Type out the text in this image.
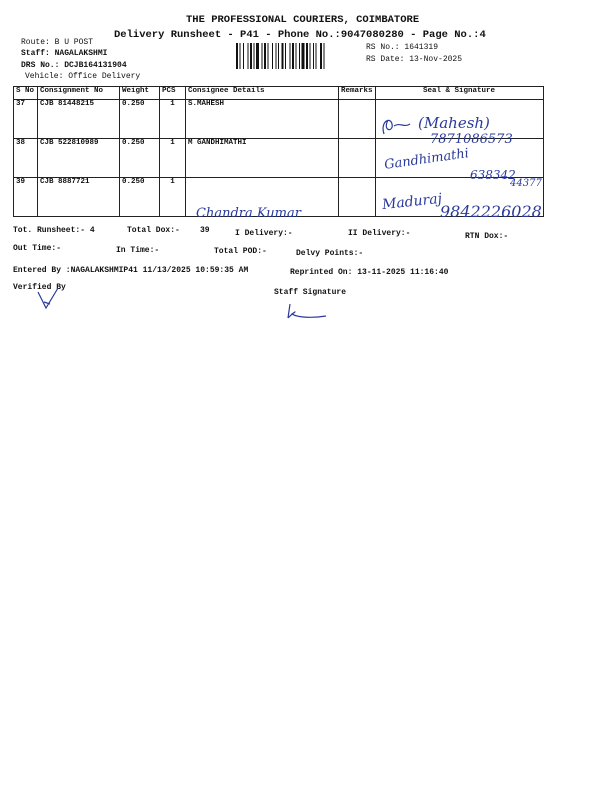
THE PROFESSIONAL COURIERS, COIMBATORE
Delivery Runsheet - P41 - Phone No.:9047080280 - Page No.:4
Route: B U POST
Staff: NAGALAKSHMI
DRS No.: DCJB164131904
Vehicle: Office Delivery
RS No.: 1641319
RS Date: 13-Nov-2025
S No	Consignment No	Weight	PCS	Consignee Details	Remarks	Seal & Signature
37	CJB 81448215	0.250	1	S.MAHESH		
38	CJB 522810989	0.250	1	M GANDHIMATHI		
39	CJB 8887721	0.250	1			
(Mahesh)
7871086573
Gandhimathi
638342
44377
Chandra Kumar
Maduraj
9842226028
Tot. Runsheet:- 4	Total Dox:-	39	I Delivery:-	II Delivery:-	RTN Dox:-
Out Time:-	In Time:-	Total POD:-	Delvy Points:-
Entered By :NAGALAKSHMIP41 11/13/2025 10:59:35 AM	Reprinted On: 13-11-2025 11:16:40
Verified By
Staff Signature
